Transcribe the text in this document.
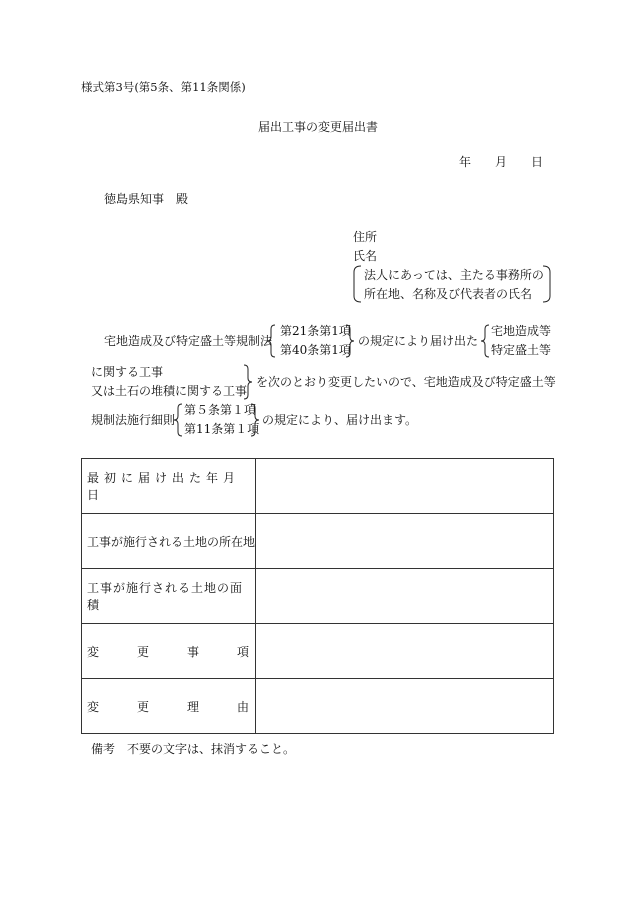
様式第3号(第5条、第11条関係)
届出工事の変更届出書
年 月 日
徳島県知事　殿
住所
氏名
法人にあっては、主たる事務所の
所在地、名称及び代表者の氏名
宅地造成及び特定盛土等規制法
第21条第1項
第40条第1項
の規定により届け出た
宅地造成等
特定盛土等
に関する工事
又は土石の堆積に関する工事
を次のとおり変更したいので、宅地造成及び特定盛土等
規制法施行細則
第５条第１項
第11条第１項
の規定により、届け出ます。
最初に届け出た年月日	
工事が施行される土地の所在地	
工事が施行される土地の面積	

変 更 事 項	

変 更 理 由	

備考　不要の文字は、抹消すること。
